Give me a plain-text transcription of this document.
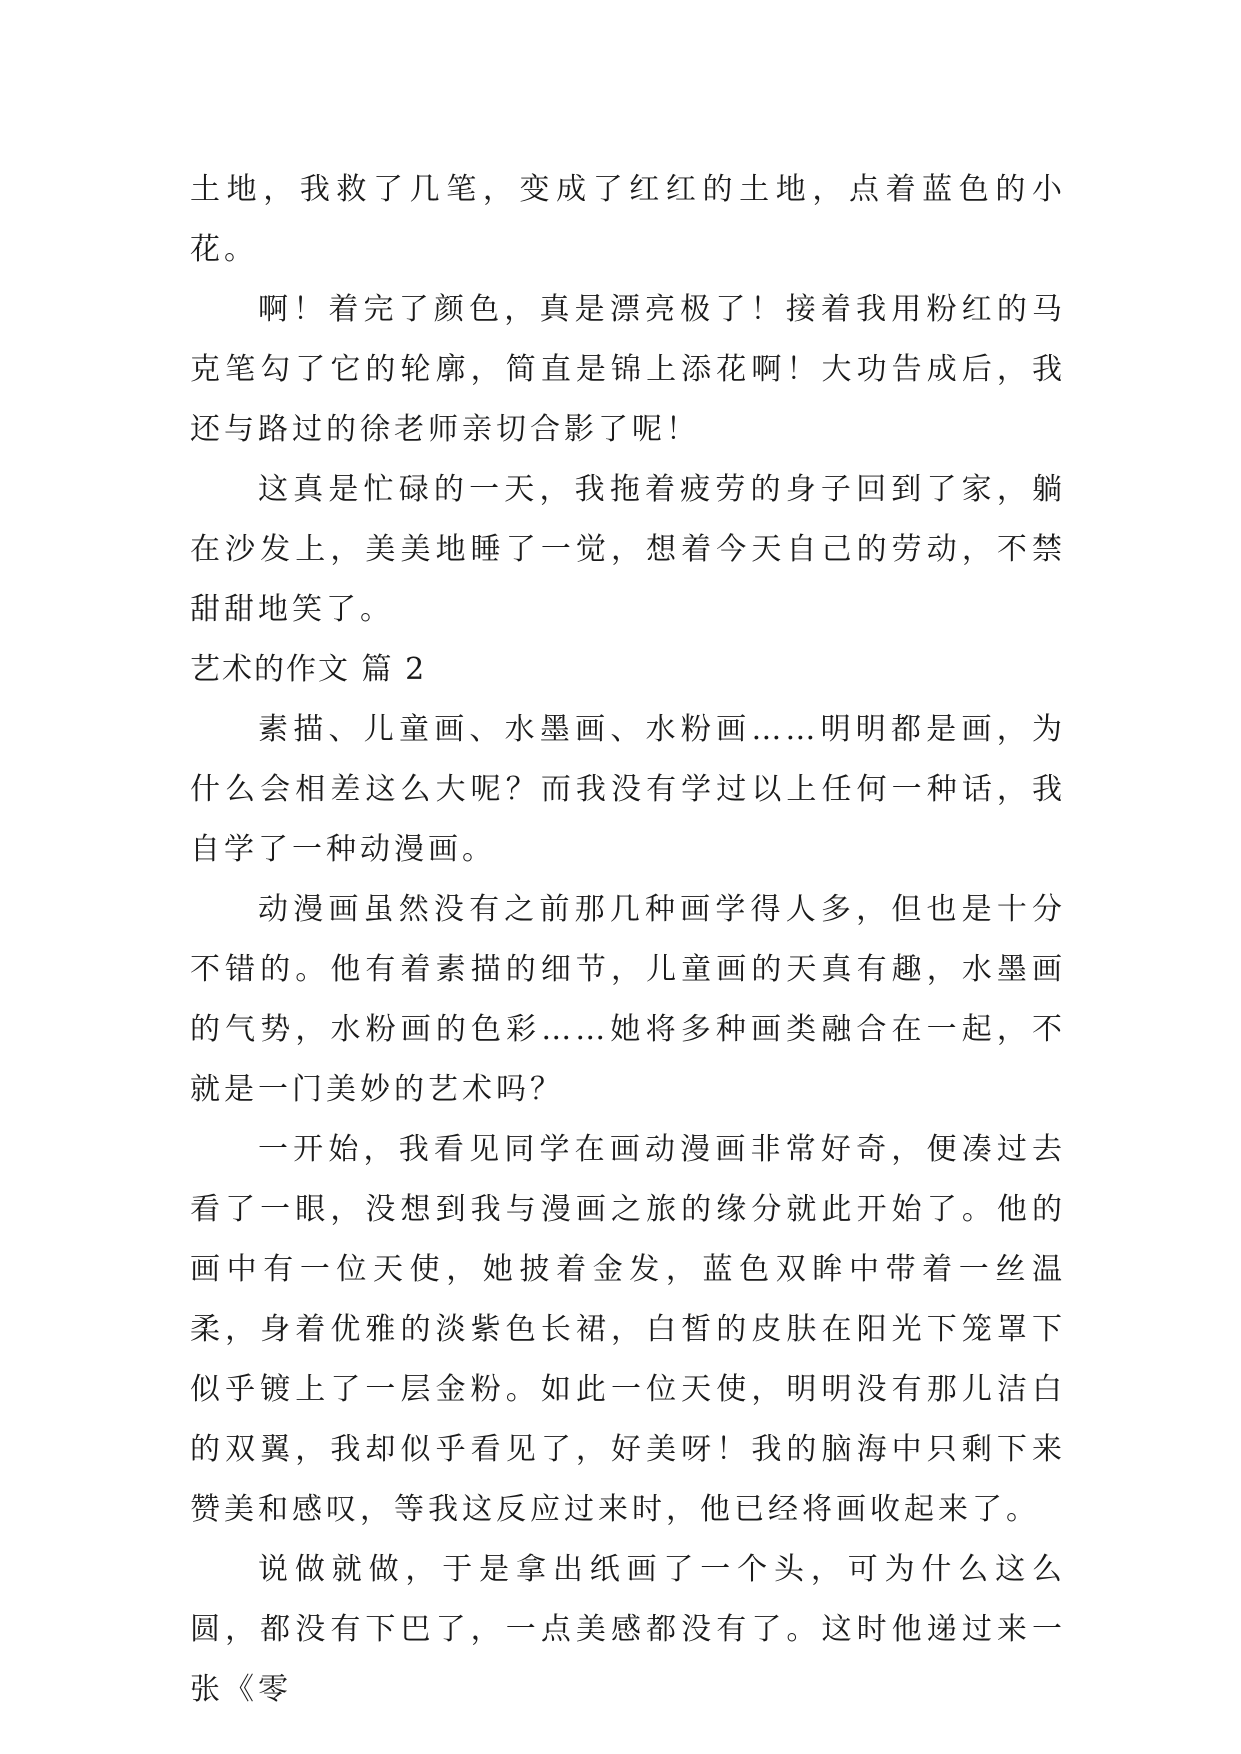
土地，我救了几笔，变成了红红的土地，点着蓝色的小花。

啊！着完了颜色，真是漂亮极了！接着我用粉红的马克笔勾了它的轮廓，简直是锦上添花啊！大功告成后，我还与路过的徐老师亲切合影了呢！

这真是忙碌的一天，我拖着疲劳的身子回到了家，躺在沙发上，美美地睡了一觉，想着今天自己的劳动，不禁甜甜地笑了。

艺术的作文 篇 2

素描、儿童画、水墨画、水粉画……明明都是画，为什么会相差这么大呢？而我没有学过以上任何一种话，我自学了一种动漫画。

动漫画虽然没有之前那几种画学得人多，但也是十分不错的。他有着素描的细节，儿童画的天真有趣，水墨画的气势，水粉画的色彩……她将多种画类融合在一起，不就是一门美妙的艺术吗？

一开始，我看见同学在画动漫画非常好奇，便凑过去看了一眼，没想到我与漫画之旅的缘分就此开始了。他的画中有一位天使，她披着金发，蓝色双眸中带着一丝温柔，身着优雅的淡紫色长裙，白皙的皮肤在阳光下笼罩下似乎镀上了一层金粉。如此一位天使，明明没有那儿洁白的双翼，我却似乎看见了，好美呀！我的脑海中只剩下来赞美和感叹，等我这反应过来时，他已经将画收起来了。

说做就做，于是拿出纸画了一个头，可为什么这么圆，都没有下巴了，一点美感都没有了。这时他递过来一张《零
